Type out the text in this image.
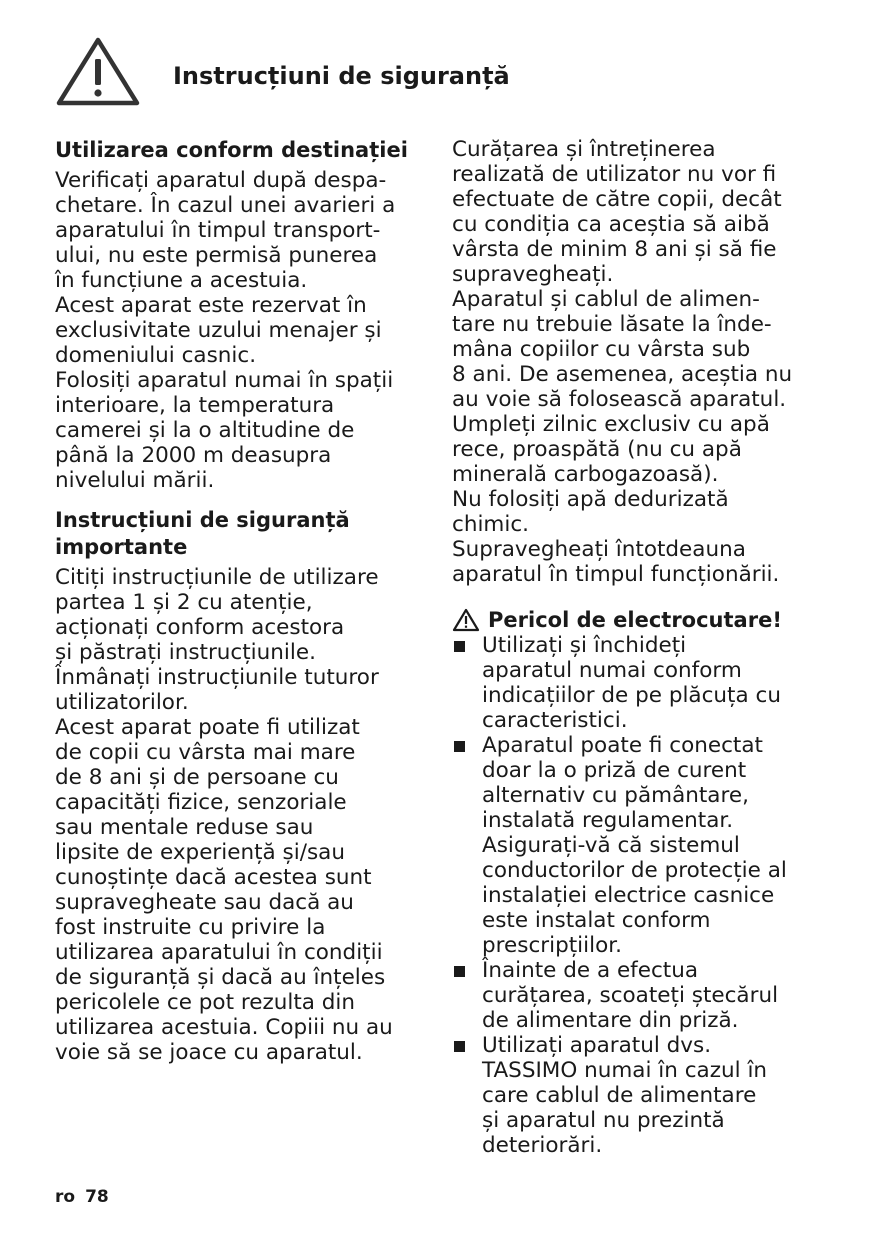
Instrucțiuni de siguranță
Utilizarea conform destinației

Verificați aparatul după despa-
chetare. În cazul unei avarieri a
aparatului în timpul transport-
ului, nu este permisă punerea
în funcțiune a acestuia.
Acest aparat este rezervat în
exclusivitate uzului menajer și
domeniului casnic.
Folosiți aparatul numai în spații
interioare, la temperatura
camerei și la o altitudine de
până la 2000 m deasupra
nivelului mării.

Instrucțiuni de siguranță
importante

Citiți instrucțiunile de utilizare
partea 1 și 2 cu atenție,
acționați conform acestora
și păstrați instrucțiunile.
Înmânați instrucțiunile tuturor
utilizatorilor.
Acest aparat poate fi utilizat
de copii cu vârsta mai mare
de 8 ani și de persoane cu
capacități fizice, senzoriale
sau mentale reduse sau
lipsite de experiență și/sau
cunoștințe dacă acestea sunt
supravegheate sau dacă au
fost instruite cu privire la
utilizarea aparatului în condiții
de siguranță și dacă au înțeles
pericolele ce pot rezulta din
utilizarea acestuia. Copiii nu au
voie să se joace cu aparatul.

Curățarea și întreținerea
realizată de utilizator nu vor fi
efectuate de către copii, decât
cu condiția ca aceștia să aibă
vârsta de minim 8 ani și să fie
supravegheați.
Aparatul și cablul de alimen-
tare nu trebuie lăsate la înde-
mâna copiilor cu vârsta sub
8 ani. De asemenea, aceștia nu
au voie să folosească aparatul.
Umpleți zilnic exclusiv cu apă
rece, proaspătă (nu cu apă
minerală carbogazoasă).
Nu folosiți apă dedurizată
chimic.
Supravegheați întotdeauna
aparatul în timpul funcționării.

Pericol de electrocutare!
Utilizați și închideți
aparatul numai conform
indicațiilor de pe plăcuța cu
caracteristici.
Aparatul poate fi conectat
doar la o priză de curent
alternativ cu pământare,
instalată regulamentar.
Asigurați-vă că sistemul
conductorilor de protecție al
instalației electrice casnice
este instalat conform
prescripțiilor.
Înainte de a efectua
curățarea, scoateți ștecărul
de alimentare din priză.
Utilizați aparatul dvs.
TASSIMO numai în cazul în
care cablul de alimentare
și aparatul nu prezintă
deteriorări.
ro 78
